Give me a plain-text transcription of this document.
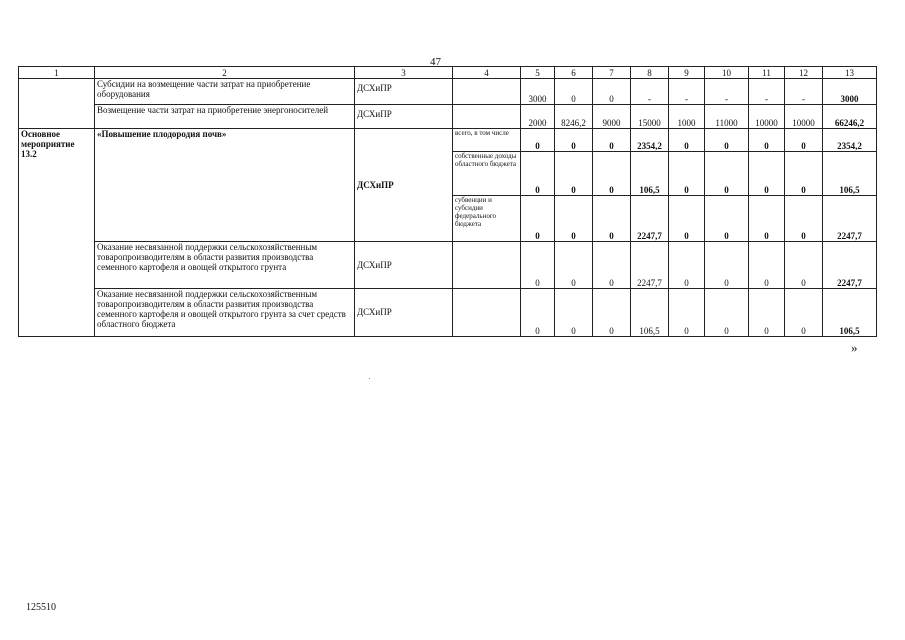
47
1	2	3	4	5	6	7	8	9	10	11	12	13
	Субсидии на возмещение части затрат на приобретение оборудования	ДСХиПР		3000	0	0	-	-	-	-	-	3000
	Возмещение части затрат на приобретение энергоносителей	ДСХиПР		2000	8246,2	9000	15000	1000	11000	10000	10000	66246,2
Основное мероприятие 13.2	«Повышение плодородия почв»	ДСХиПР	всего, в том числе	0	0	0	2354,2	0	0	0	0	2354,2
			собственные доходы областного бюджета	0	0	0	106,5	0	0	0	0	106,5
			субвенции и субсидии федерального бюджета	0	0	0	2247,7	0	0	0	0	2247,7
	Оказание несвязанной поддержки сельскохозяйственным товаропроизводителям в области развития производства семенного картофеля и овощей открытого грунта	ДСХиПР		0	0	0	2247,7	0	0	0	0	2247,7
	Оказание несвязанной поддержки сельскохозяйственным товаропроизводителям в области развития производства семенного картофеля и овощей открытого грунта за счет средств областного бюджета	ДСХиПР		0	0	0	106,5	0	0	0	0	106,5
»
125510
